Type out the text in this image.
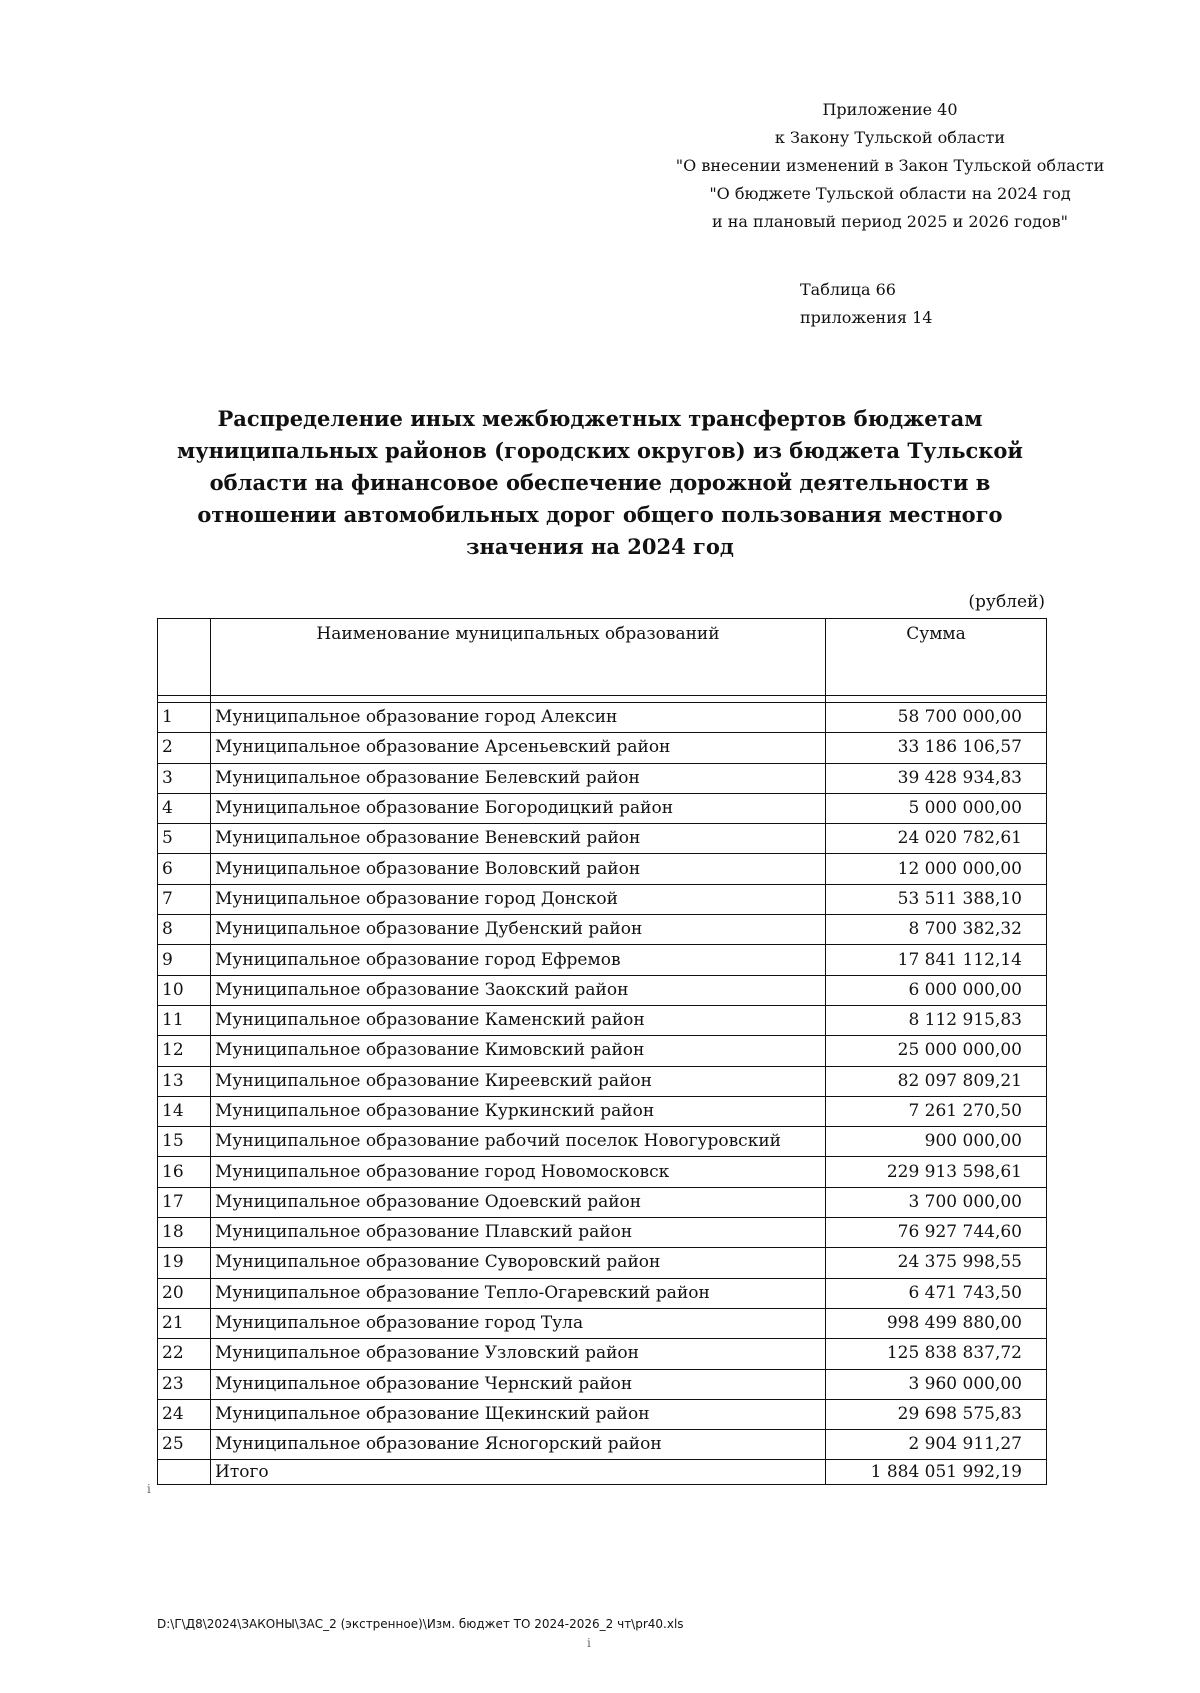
Приложение 40
к Закону Тульской области
"О внесении изменений в Закон Тульской области
"О бюджете Тульской области на 2024 год
и на плановый период 2025 и 2026 годов"
Таблица 66
приложения 14
Распределение иных межбюджетных трансфертов бюджетам муниципальных районов (городских округов) из бюджета Тульской области на финансовое обеспечение дорожной деятельности в отношении автомобильных дорог общего пользования местного значения на 2024 год
(рублей)
	Наименование муниципальных образований	Сумма

1	Муниципальное образование город Алексин	58 700 000,00
2	Муниципальное образование Арсеньевский район	33 186 106,57
3	Муниципальное образование Белевский район	39 428 934,83
4	Муниципальное образование Богородицкий район	5 000 000,00
5	Муниципальное образование Веневский район	24 020 782,61
6	Муниципальное образование Воловский район	12 000 000,00
7	Муниципальное образование город Донской	53 511 388,10
8	Муниципальное образование Дубенский район	8 700 382,32
9	Муниципальное образование город Ефремов	17 841 112,14
10	Муниципальное образование Заокский район	6 000 000,00
11	Муниципальное образование Каменский район	8 112 915,83
12	Муниципальное образование Кимовский район	25 000 000,00
13	Муниципальное образование Киреевский район	82 097 809,21
14	Муниципальное образование Куркинский район	7 261 270,50
15	Муниципальное образование рабочий поселок Новогуровский	900 000,00
16	Муниципальное образование город Новомосковск	229 913 598,61
17	Муниципальное образование Одоевский район	3 700 000,00
18	Муниципальное образование Плавский район	76 927 744,60
19	Муниципальное образование Суворовский район	24 375 998,55
20	Муниципальное образование Тепло-Огаревский район	6 471 743,50
21	Муниципальное образование город Тула	998 499 880,00
22	Муниципальное образование Узловский район	125 838 837,72
23	Муниципальное образование Чернский район	3 960 000,00
24	Муниципальное образование Щекинский район	29 698 575,83
25	Муниципальное образование Ясногорский район	2 904 911,27
	Итого	1 884 051 992,19
D:\Г\Д8\2024\ЗАКОНЫ\ЗАС_2 (экстренное)\Изм. бюджет ТО 2024-2026_2 чт\pr40.xls
ⅰ
ⅰ
